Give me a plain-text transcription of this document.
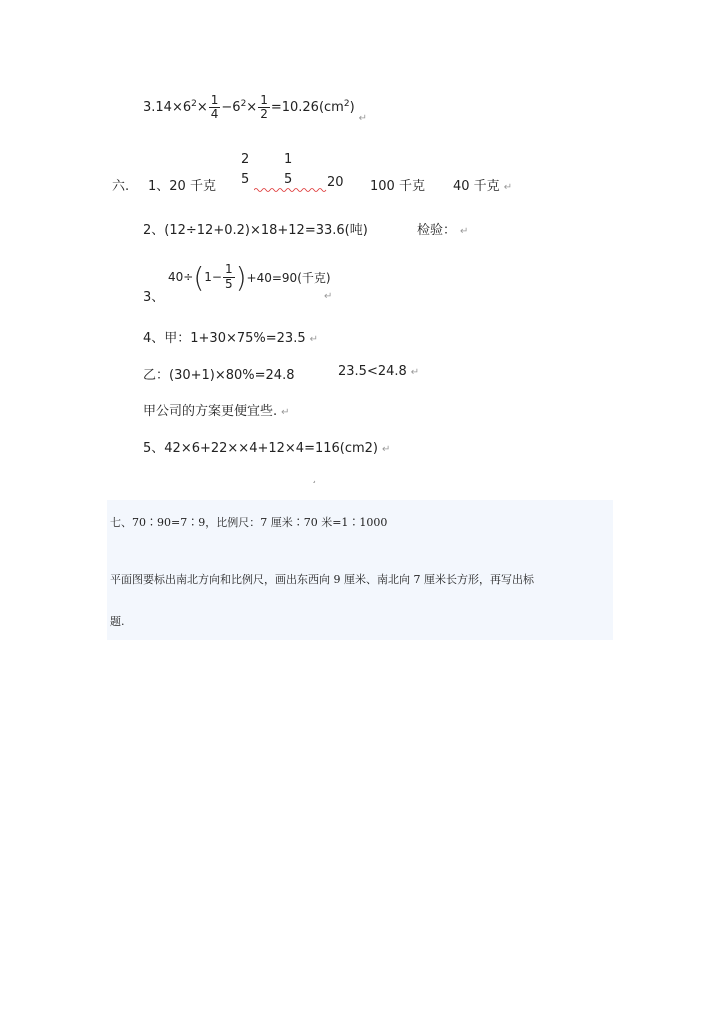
$3.14\times 6^2\times \frac{1}{4} -6^2\times \frac{1}{2} =10.26(cm^2)_↵$
六. 1、20 千克
2
5
1
5	20 100 千克 40 千克 ↵
2、(12÷12+0.2)×18+12=33.6(吨)	检验： ↵
3、
40÷ ( $1- \frac{1}{5}$ ) +40=90(千克)
↵
4、甲：1+30×75%=23.5 ↵
乙：(30+1)×80%=24.8	23.5<24.8 ↵
甲公司的方案更便宜些. ↵
5、42×6+22××4+12×4=116(cm2) ↵
¸
七、70∶90=7∶9，比例尺：7 厘米∶70 米=1∶1000
平面图要标出南北方向和比例尺，画出东西向 9 厘米、南北向 7 厘米长方形，再写出标
题.
